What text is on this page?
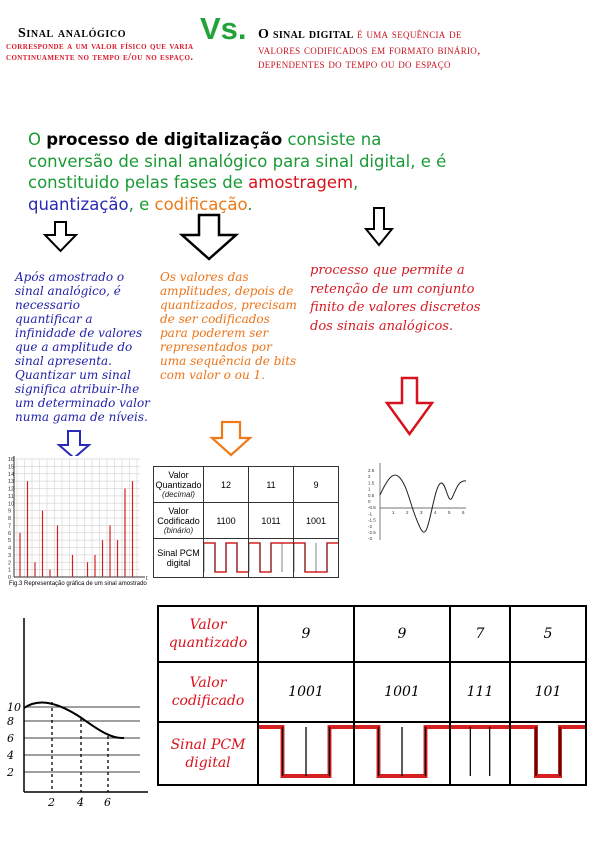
Sinal analógico
corresponde a um valor físico que varia continuamente no tempo e/ou no espaço.
Vs. O sinal digital é uma sequência de valores codificados em formato binário, dependentes do tempo ou do espaço
O processo de digitalização consiste na conversão de sinal analógico para sinal digital, e é constituido pelas fases de amostragem, quantização, e codificação.
16
15
14
13
12
11
10
9
8
7
6
5
4
3
2
1
0	t
Fig.3 Representação gráfica de um sinal amostrado
2.5
2
1.5
1
0.5
0
-0.5
-1
-1.5
-2
-2.5
-3
1	2	3	4	5	6
10
8
6
4
2
2 4 6
Após amostrado o sinal analógico, é necessario quantificar a infinidade de valores que a amplitude do sinal apresenta. Quantizar um sinal significa atribuir-lhe um determinado valor numa gama de níveis.
Os valores das amplitudes, depois de quantizados, precisam de ser codificados para poderem ser representados por uma sequência de bits com valor o ou 1.
processo que permite a retenção de um conjunto finito de valores discretos dos sinais analógicos.
Valor Quantizado
(decimal)	12	11	9

Valor Codificado
(binário)	1100	1011	1001
Sinal PCM digital			
Valor quantizado	9	9	7	5
Valor codificado	1001	1001	111	101
Sinal PCM digital				
